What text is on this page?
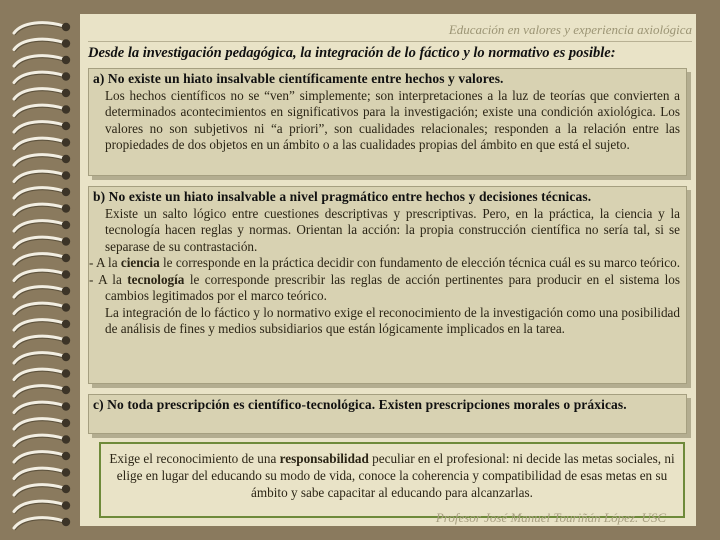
Educación en valores y experiencia axiológica
Desde la investigación pedagógica, la integración de lo fáctico y lo normativo es posible:
a) No existe un hiato insalvable científicamente entre hechos y valores.
Los hechos científicos no se “ven” simplemente; son interpretaciones a la luz de teorías que convierten a determinados acontecimientos en significativos para la investigación; existe una condición axiológica. Los valores no son subjetivos ni “a priori”, son cualidades relacionales; responden a la relación entre las propiedades de dos objetos en un ámbito o a las cualidades propias del ámbito en que está el sujeto.
b) No existe un hiato insalvable a nivel pragmático entre hechos y decisiones técnicas.
Existe un salto lógico entre cuestiones descriptivas y prescriptivas. Pero, en la práctica, la ciencia y la tecnología hacen reglas y normas. Orientan la acción: la propia construcción científica no sería tal, si se separase de su contrastación.
- A la ciencia le corresponde en la práctica decidir con fundamento de elección técnica cuál es su marco teórico.
- A la tecnología le corresponde prescribir las reglas de acción pertinentes para producir en el sistema los cambios legitimados por el marco teórico.
La integración de lo fáctico y lo normativo exige el reconocimiento de la investigación como una posibilidad de análisis de fines y medios subsidiarios que están lógicamente implicados en la tarea.
c) No toda prescripción es científico-tecnológica. Existen prescripciones morales o práxicas.
Exige el reconocimiento de una responsabilidad peculiar en el profesional: ni decide las metas sociales, ni elige en lugar del educando su modo de vida, conoce la coherencia y compatibilidad de esas metas en su ámbito y sabe capacitar al educando para alcanzarlas.
Profesor José Manuel Touriñán López. USC
